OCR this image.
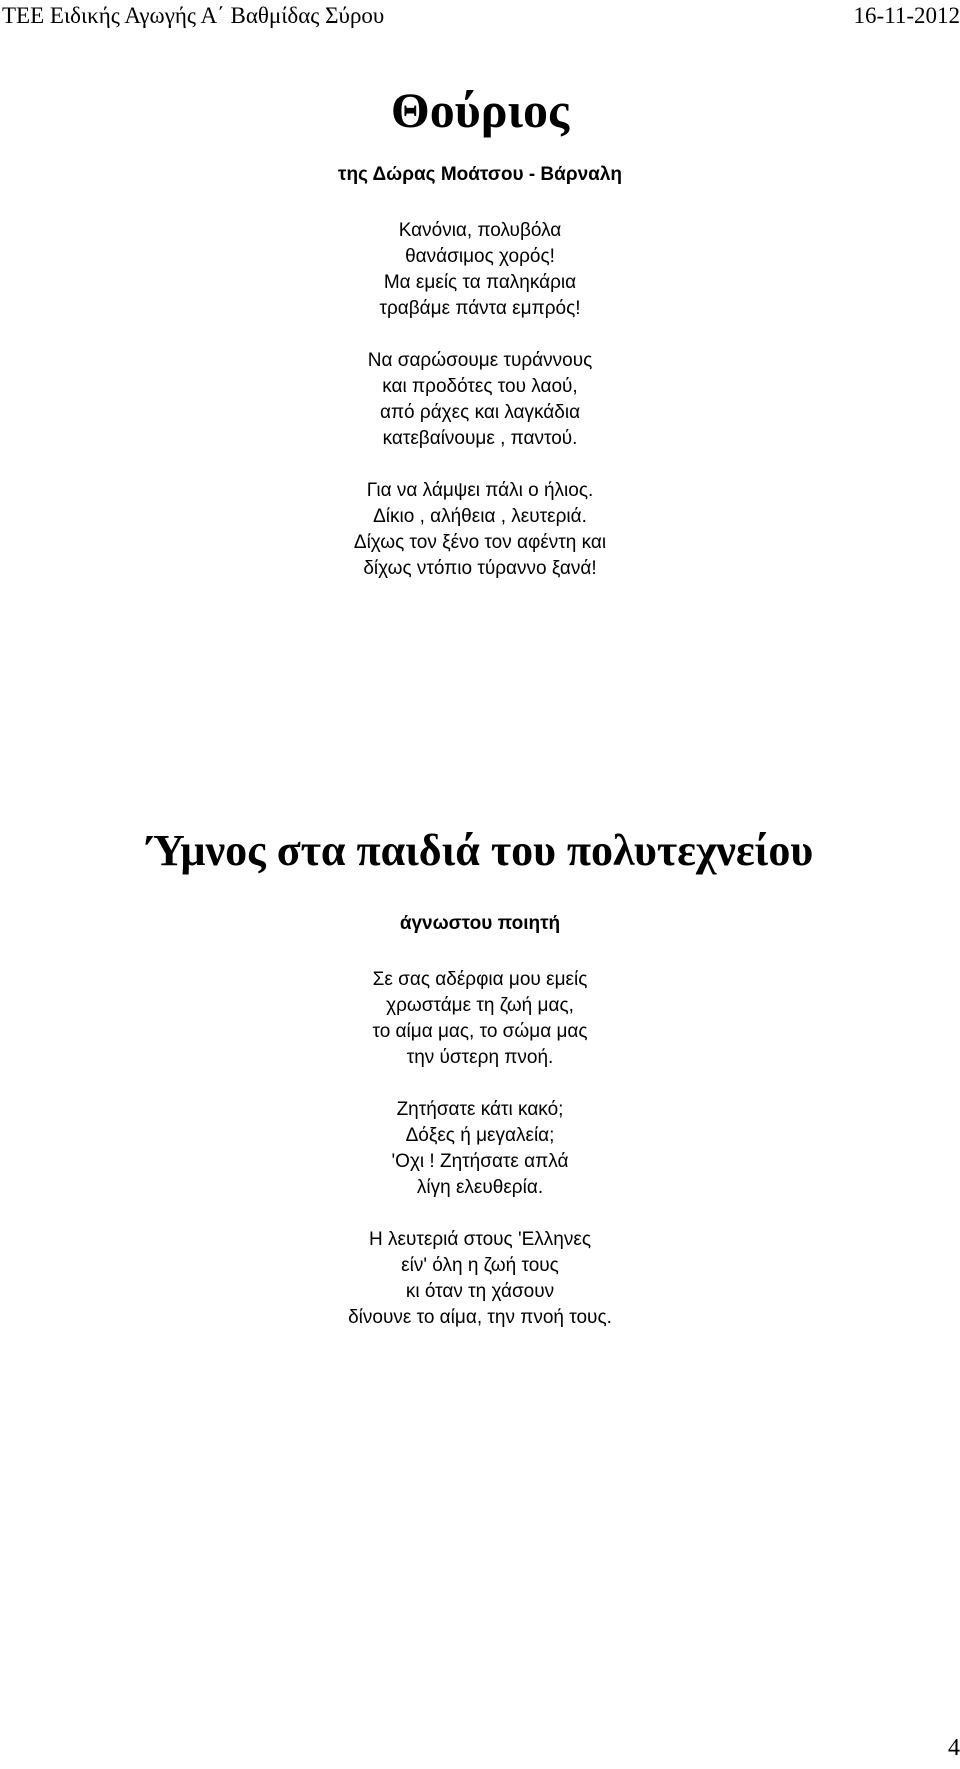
ΤΕΕ Ειδικής Αγωγής Α΄ Βαθμίδας Σύρου	16-11-2012
Θούριος

της Δώρας Μοάτσου - Βάρναλη

Κανόνια, πολυβόλα
θανάσιμος χορός!
Μα εμείς τα παληκάρια
τραβάμε πάντα εμπρός!

Να σαρώσουμε τυράννους
και προδότες του λαού,
από ράχες και λαγκάδια
κατεβαίνουμε , παντού.

Για να λάμψει πάλι ο ήλιος.
Δίκιο , αλήθεια , λευτεριά.
Δίχως τον ξένο τον αφέντη και
δίχως ντόπιο τύραννο ξανά!

Ύμνος στα παιδιά του πολυτεχνείου

άγνωστου ποιητή

Σε σας αδέρφια μου εμείς
χρωστάμε τη ζωή μας,
το αίμα μας, το σώμα μας
την ύστερη πνοή.

Ζητήσατε κάτι κακό;
Δόξες ή μεγαλεία;
'Οχι ! Ζητήσατε απλά
λίγη ελευθερία.

Η λευτεριά στους 'Ελληνες
είν' όλη η ζωή τους
κι όταν τη χάσουν
δίνουνε το αίμα, την πνοή τους.

4
